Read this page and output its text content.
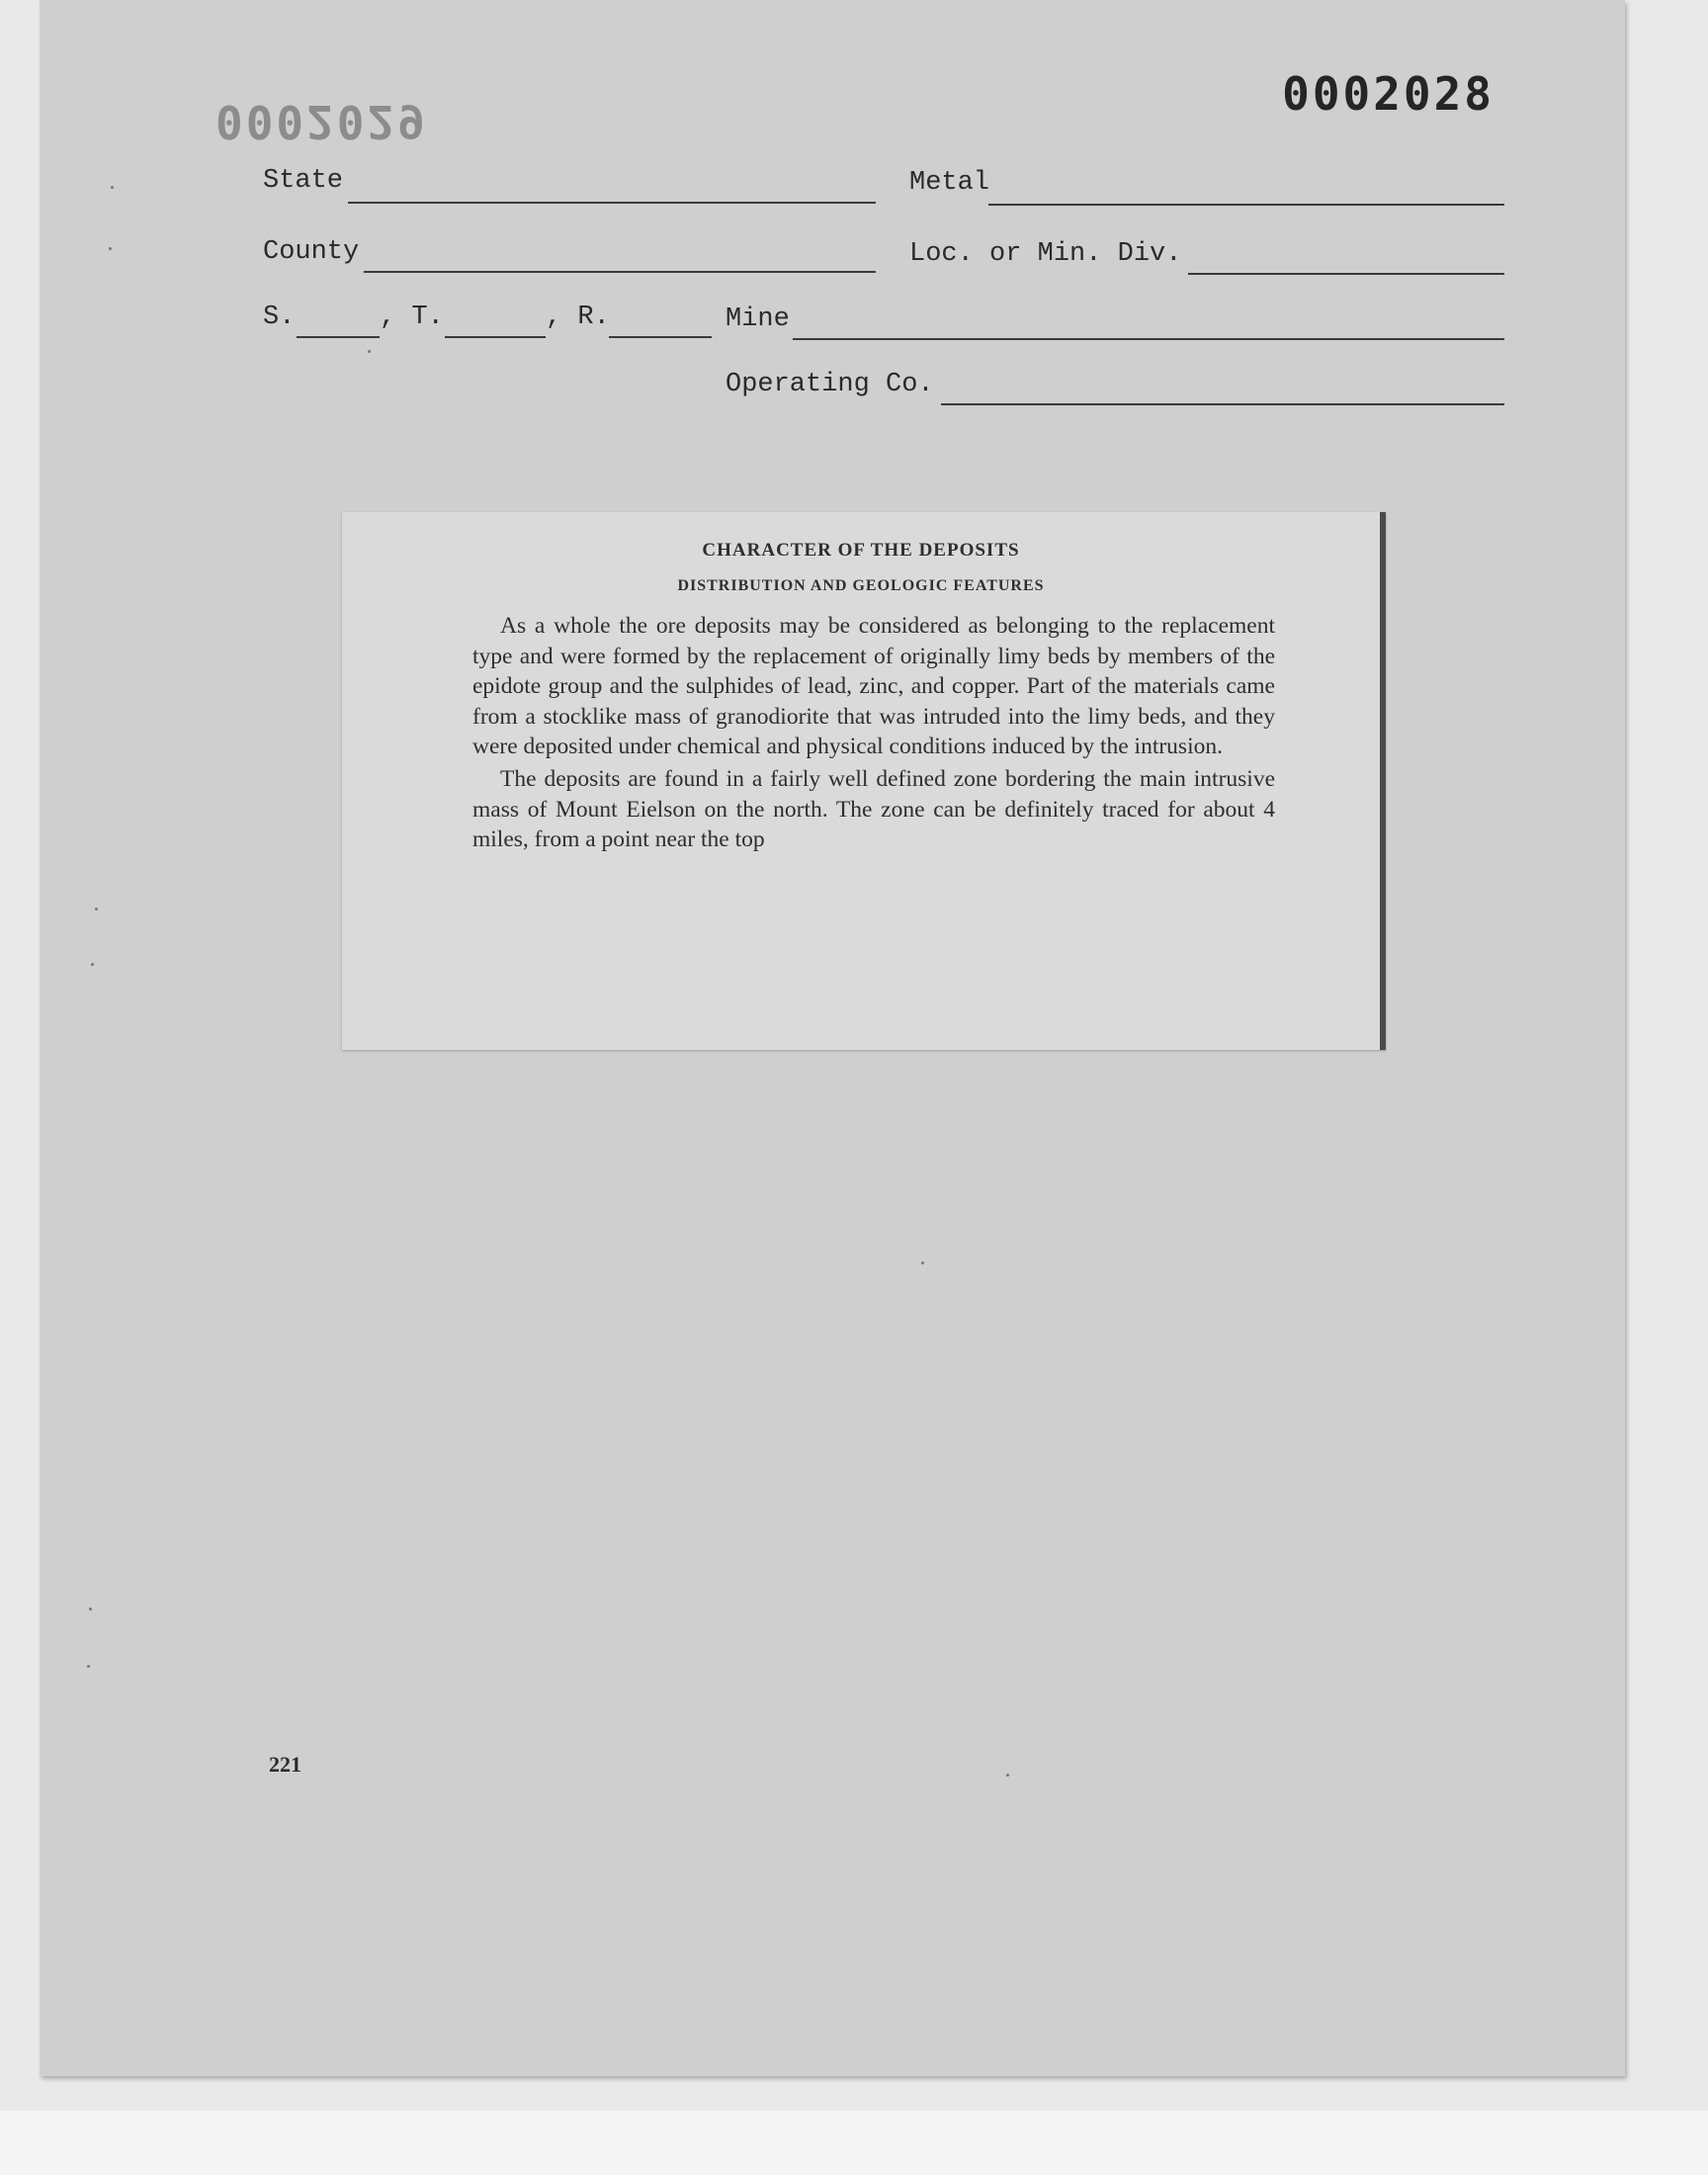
0002028
0002029
State	Metal
County	Loc. or Min. Div.
S.	, T.	, R.	Mine
Operating Co.
CHARACTER OF THE DEPOSITS
DISTRIBUTION AND GEOLOGIC FEATURES

As a whole the ore deposits may be considered as belonging to the replacement type and were formed by the replacement of originally limy beds by members of the epidote group and the sulphides of lead, zinc, and copper. Part of the materials came from a stocklike mass of granodiorite that was intruded into the limy beds, and they were deposited under chemical and physical conditions induced by the intrusion.

The deposits are found in a fairly well defined zone bordering the main intrusive mass of Mount Eielson on the north. The zone can be definitely traced for about 4 miles, from a point near the top

221
